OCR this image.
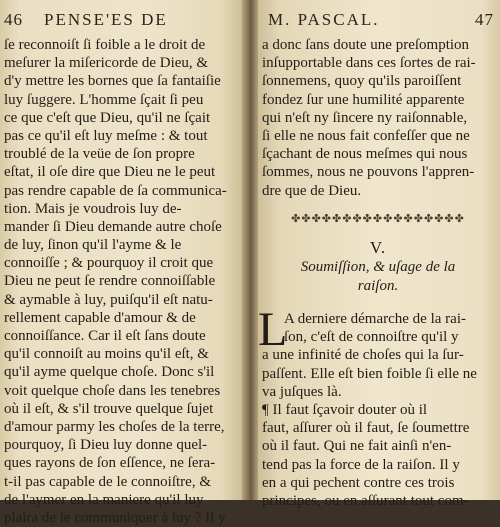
46 PENSE'ES DE	M. PASCAL.	47
ſe reconnoiſt ſi foible a le droit de
meſurer la miſericorde de Dieu, &
d'y mettre les bornes que ſa fantaiſie
luy ſuggere. L'homme ſçait ſi peu
ce que c'eſt que Dieu, qu'il ne ſçait
pas ce qu'il eſt luy meſme : & tout
troublé de la veüe de ſon propre
eſtat, il oſe dire que Dieu ne le peut
pas rendre capable de ſa communica-
tion. Mais je voudrois luy de-
mander ſi Dieu demande autre choſe
de luy, ſinon qu'il l'ayme & le
connoiſſe ; & pourquoy il croit que
Dieu ne peut ſe rendre connoiſſable
& aymable à luy, puiſqu'il eſt natu-
rellement capable d'amour & de
connoiſſance. Car il eſt ſans doute
qu'il connoiſt au moins qu'il eſt, &
qu'il ayme quelque choſe. Donc s'il
voit quelque choſe dans les tenebres
où il eſt, & s'il trouve quelque ſujet
d'amour parmy les choſes de la terre,
pourquoy, ſi Dieu luy donne quel-
ques rayons de ſon eſſence, ne ſera-
t-il pas capable de le connoiſtre, &
de l'aymer en la maniere qu'il luy
plaira de ſe communiquer à luy ? Il y
a donc ſans doute une preſomption
inſupportable dans ces ſortes de rai-
ſonnemens, quoy qu'ils paroiſſent
fondez ſur une humilité apparente
qui n'eſt ny ſincere ny raiſonnable,
ſi elle ne nous fait confeſſer que ne
ſçachant de nous meſmes qui nous
ſommes, nous ne pouvons l'appren-
dre que de Dieu.
✤✤✤✤✤✤✤✤✤✤✤✤✤✤✤✤✤
V.
Soumiſſion, & uſage de la
raiſon.
L
A derniere démarche de la rai-
ſon, c'eſt de connoiſtre qu'il y
a une infinité de choſes qui la ſur-
paſſent. Elle eſt bien foible ſi elle ne
va juſques là.
¶ Il faut ſçavoir douter où il
faut, aſſurer où il faut, ſe ſoumettre
où il faut. Qui ne fait ainſi n'en-
tend pas la force de la raiſon. Il y
en a qui pechent contre ces trois
principes, ou en aſſurant tout com-
